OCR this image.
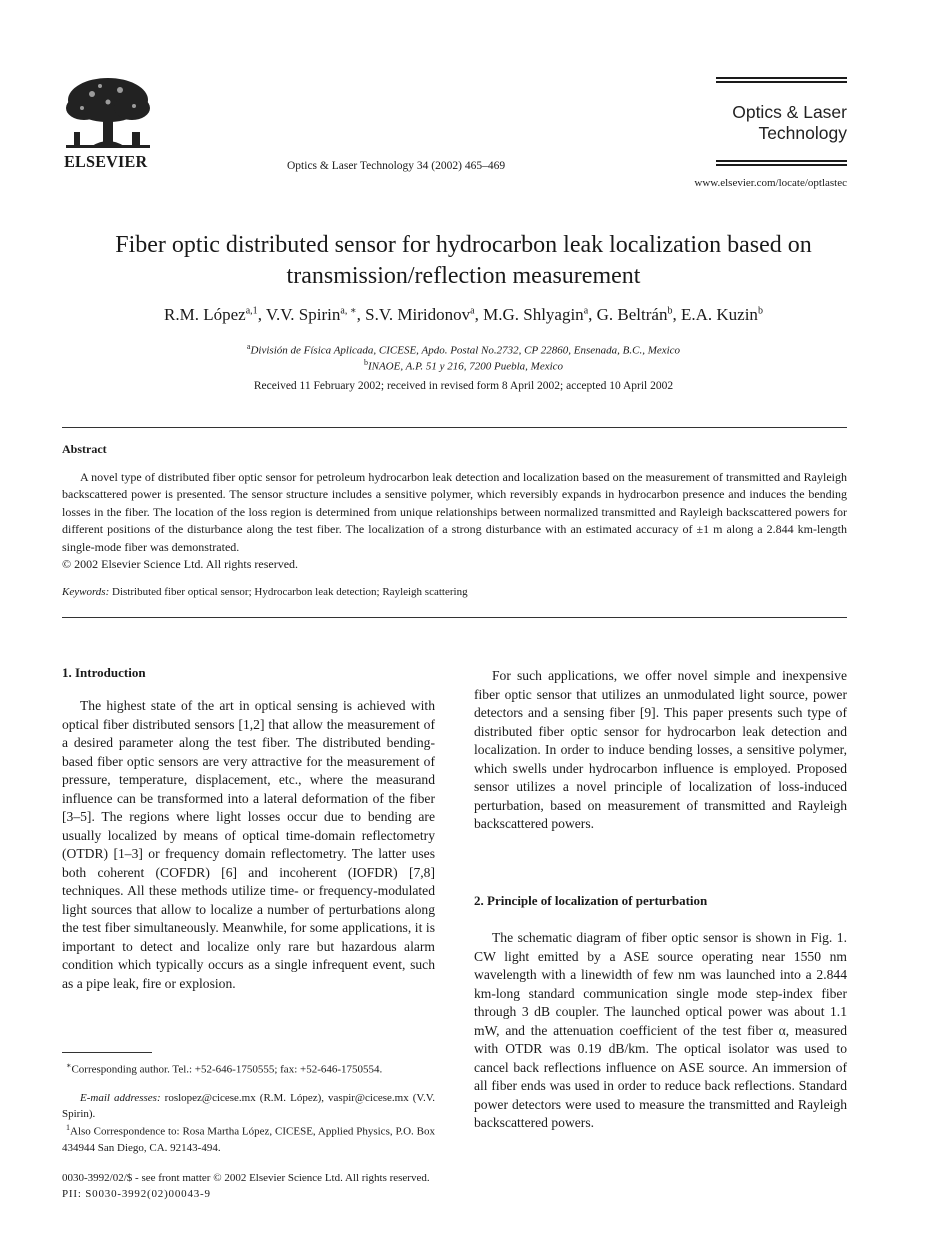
ELSEVIER	Optics & Laser Technology 34 (2002) 465–469
Optics & Laser
Technology
www.elsevier.com/locate/optlastec
Fiber optic distributed sensor for hydrocarbon leak localization based on
transmission/reflection measurement
R.M. López$^{a,1}$, V.V. Spirin$^{a, ∗}$, S.V. Miridonov$^a$, M.G. Shlyagin$^a$, G. Beltrán$^b$, E.A. Kuzin$^b$
$^a$División de Física Aplicada, CICESE, Apdo. Postal No.2732, CP 22860, Ensenada, B.C., Mexico
$^b$INAOE, A.P. 51 y 216, 7200 Puebla, Mexico
Received 11 February 2002; received in revised form 8 April 2002; accepted 10 April 2002
Abstract

A novel type of distributed fiber optic sensor for petroleum hydrocarbon leak detection and localization based on the measurement of transmitted and Rayleigh backscattered power is presented. The sensor structure includes a sensitive polymer, which reversibly expands in hydrocarbon presence and induces the bending losses in the fiber. The location of the loss region is determined from unique relationships between normalized transmitted and Rayleigh backscattered powers for different positions of the disturbance along the test fiber. The localization of a strong disturbance with an estimated accuracy of ±1 m along a 2.844 km-length single-mode fiber was demonstrated.
© 2002 Elsevier Science Ltd. All rights reserved.

Keywords: Distributed fiber optical sensor; Hydrocarbon leak detection; Rayleigh scattering
1. Introduction

The highest state of the art in optical sensing is achieved with optical fiber distributed sensors [1,2] that allow the measurement of a desired parameter along the test fiber. The distributed bending-based fiber optic sensors are very attractive for the measurement of pressure, temperature, displacement, etc., where the measurand influence can be transformed into a lateral deformation of the fiber [3–5]. The regions where light losses occur due to bending are usually localized by means of optical time-domain reflectometry (OTDR) [1–3] or frequency domain reflectometry. The latter uses both coherent (COFDR) [6] and incoherent (IOFDR) [7,8] techniques. All these methods utilize time- or frequency-modulated light sources that allow to localize a number of perturbations along the test fiber simultaneously. Meanwhile, for some applications, it is important to detect and localize only rare but hazardous alarm condition which typically occurs as a single infrequent event, such as a pipe leak, fire or explosion.

For such applications, we offer novel simple and inexpensive fiber optic sensor that utilizes an unmodulated light source, power detectors and a sensing fiber [9]. This paper presents such type of distributed fiber optic sensor for hydrocarbon leak detection and localization. In order to induce bending losses, a sensitive polymer, which swells under hydrocarbon influence is employed. Proposed sensor utilizes a novel principle of localization of loss-induced perturbation, based on measurement of transmitted and Rayleigh backscattered powers.

2. Principle of localization of perturbation

The schematic diagram of fiber optic sensor is shown in Fig. 1. CW light emitted by a ASE source operating near 1550 nm wavelength with a linewidth of few nm was launched into a 2.844 km-long standard communication single mode step-index fiber through 3 dB coupler. The launched optical power was about 1.1 mW, and the attenuation coefficient of the test fiber α, measured with OTDR was 0.19 dB/km. The optical isolator was used to cancel back reflections influence on ASE source. An immersion of all fiber ends was used in order to reduce back reflections. Standard power detectors were used to measure the transmitted and Rayleigh backscattered powers.

∗Corresponding author. Tel.: +52-646-1750555; fax: +52-646-1750554.

E-mail addresses: roslopez@cicese.mx (R.M. López), vaspir@cicese.mx (V.V. Spirin).

$^1$Also Correspondence to: Rosa Martha López, CICESE, Applied Physics, P.O. Box 434944 San Diego, CA. 92143-494.

0030-3992/02/$ - see front matter © 2002 Elsevier Science Ltd. All rights reserved.
PII: S0030-3992(02)00043-9
